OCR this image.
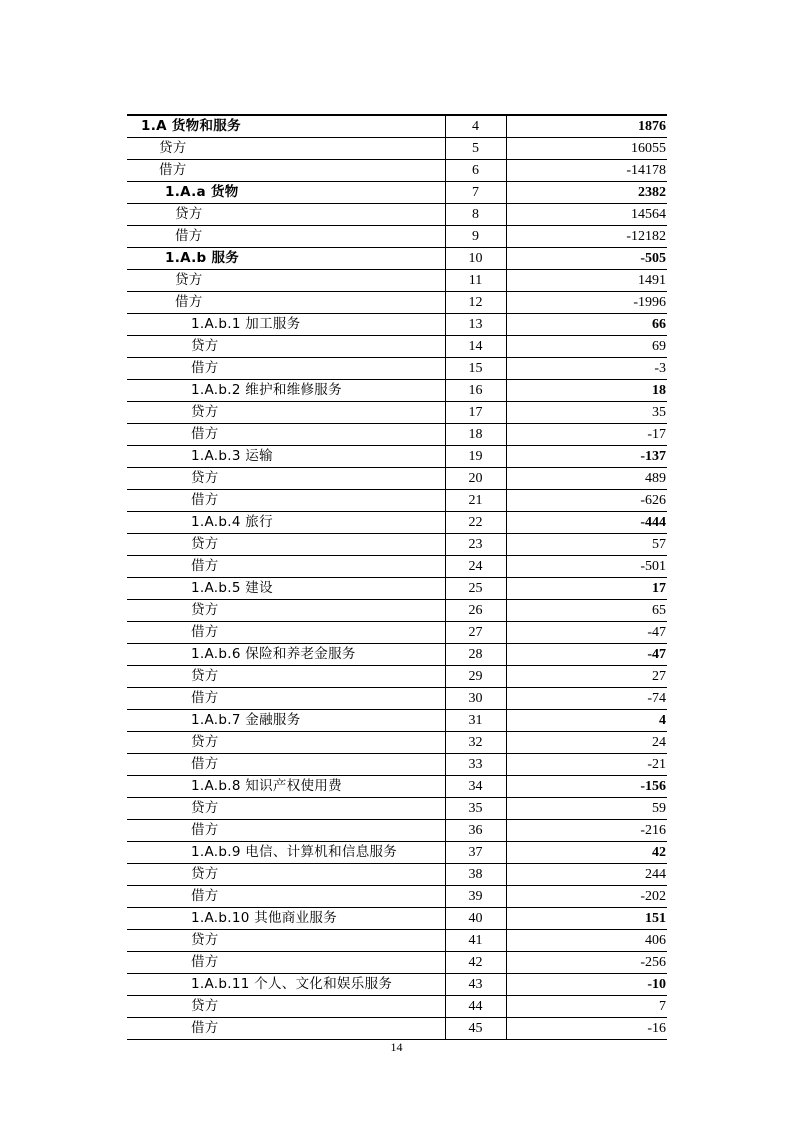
1.A 货物和服务	4	1876
贷方	5	16055
借方	6	-14178
1.A.a 货物	7	2382
贷方	8	14564
借方	9	-12182
1.A.b 服务	10	-505
贷方	11	1491
借方	12	-1996
1.A.b.1 加工服务	13	66
贷方	14	69
借方	15	-3
1.A.b.2 维护和维修服务	16	18
贷方	17	35
借方	18	-17
1.A.b.3 运输	19	-137
贷方	20	489
借方	21	-626
1.A.b.4 旅行	22	-444
贷方	23	57
借方	24	-501
1.A.b.5 建设	25	17
贷方	26	65
借方	27	-47
1.A.b.6 保险和养老金服务	28	-47
贷方	29	27
借方	30	-74
1.A.b.7 金融服务	31	4
贷方	32	24
借方	33	-21
1.A.b.8 知识产权使用费	34	-156
贷方	35	59
借方	36	-216
1.A.b.9 电信、计算机和信息服务	37	42
贷方	38	244
借方	39	-202
1.A.b.10 其他商业服务	40	151
贷方	41	406
借方	42	-256
1.A.b.11 个人、文化和娱乐服务	43	-10
贷方	44	7
借方	45	-16
14
